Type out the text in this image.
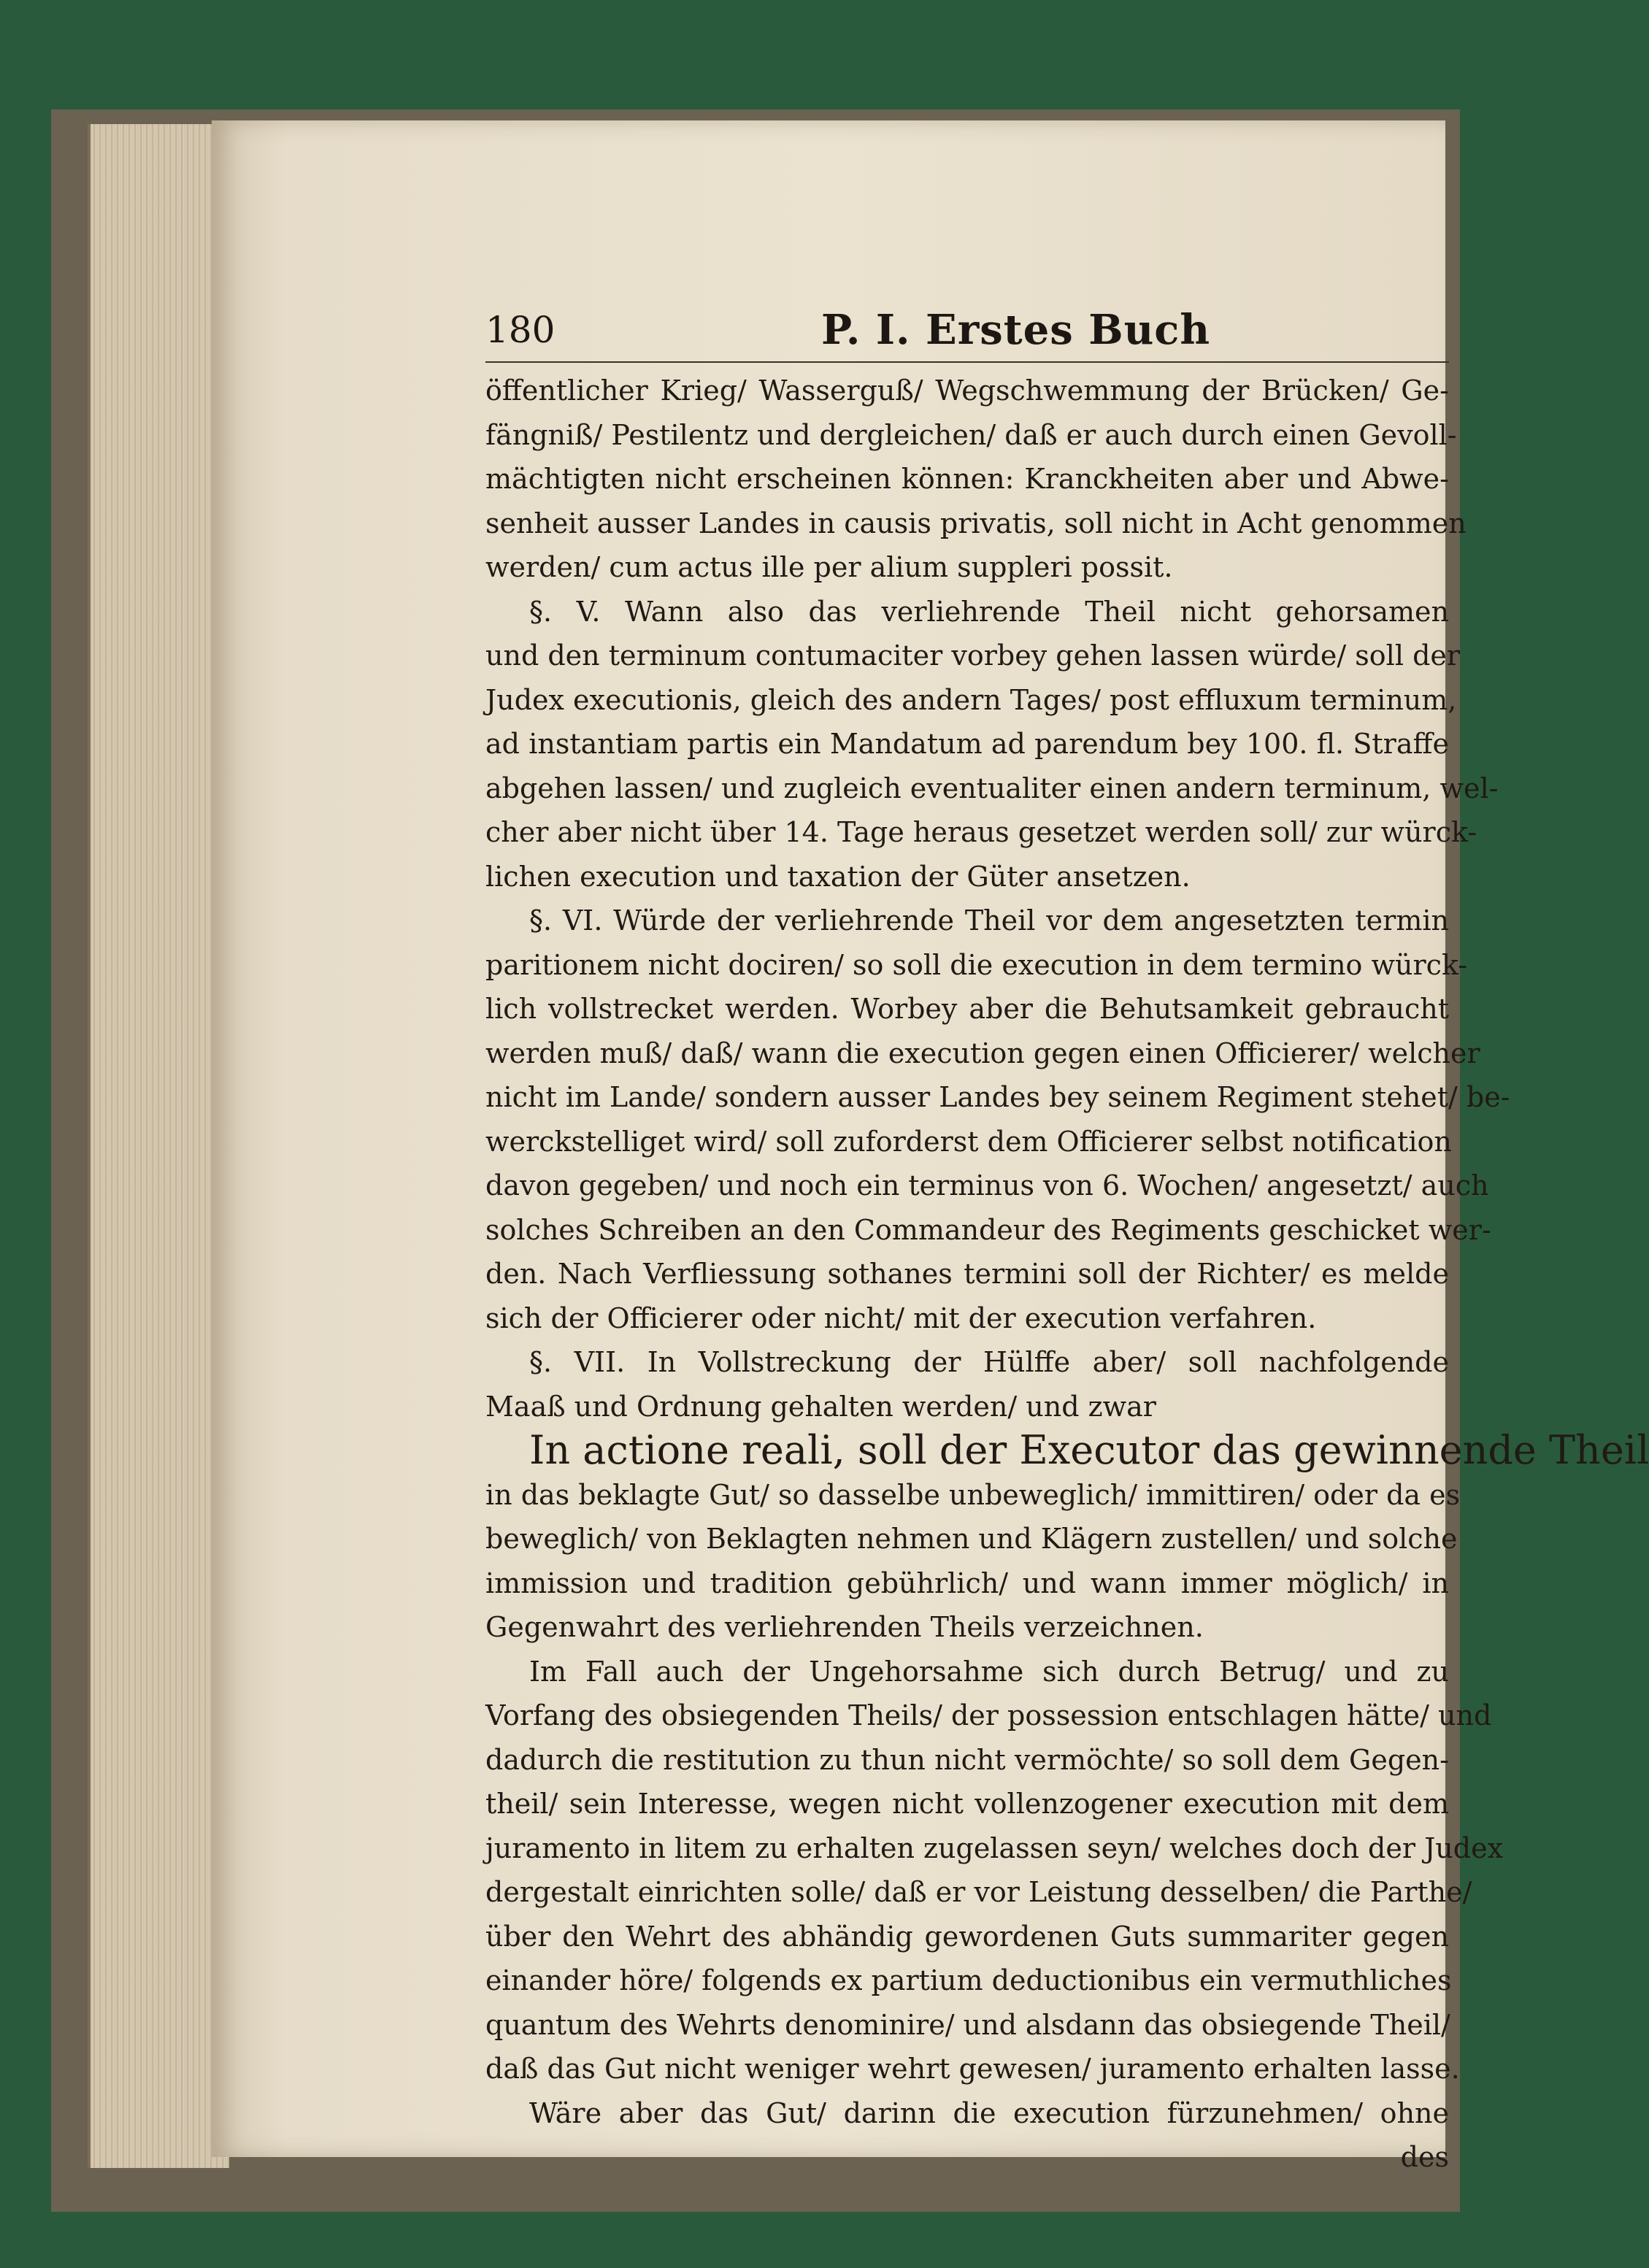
180	P. I. Erstes Buch
öffentlicher Krieg/ Wasserguß/ Wegschwemmung der Brücken/ Ge-
fängniß/ Pestilentz und dergleichen/ daß er auch durch einen Gevoll-
mächtigten nicht erscheinen können: Kranckheiten aber und Abwe-
senheit ausser Landes in causis privatis, soll nicht in Acht genommen
werden/ cum actus ille per alium suppleri possit.
§. V. Wann also das verliehrende Theil nicht gehorsamen
und den terminum contumaciter vorbey gehen lassen würde/ soll der
Judex executionis, gleich des andern Tages/ post effluxum terminum,
ad instantiam partis ein Mandatum ad parendum bey 100. fl. Straffe
abgehen lassen/ und zugleich eventualiter einen andern terminum, wel-
cher aber nicht über 14. Tage heraus gesetzet werden soll/ zur würck-
lichen execution und taxation der Güter ansetzen.
§. VI. Würde der verliehrende Theil vor dem angesetzten termin
paritionem nicht dociren/ so soll die execution in dem termino würck-
lich vollstrecket werden. Worbey aber die Behutsamkeit gebraucht
werden muß/ daß/ wann die execution gegen einen Officierer/ welcher
nicht im Lande/ sondern ausser Landes bey seinem Regiment stehet/ be-
werckstelliget wird/ soll zuforderst dem Officierer selbst notification
davon gegeben/ und noch ein terminus von 6. Wochen/ angesetzt/ auch
solches Schreiben an den Commandeur des Regiments geschicket wer-
den. Nach Verfliessung sothanes termini soll der Richter/ es melde
sich der Officierer oder nicht/ mit der execution verfahren.
§. VII. In Vollstreckung der Hülffe aber/ soll nachfolgende
Maaß und Ordnung gehalten werden/ und zwar
In actione reali, soll der Executor das gewinnende Theil
in das beklagte Gut/ so dasselbe unbeweglich/ immittiren/ oder da es
beweglich/ von Beklagten nehmen und Klägern zustellen/ und solche
immission und tradition gebührlich/ und wann immer möglich/ in
Gegenwahrt des verliehrenden Theils verzeichnen.
Im Fall auch der Ungehorsahme sich durch Betrug/ und zu
Vorfang des obsiegenden Theils/ der possession entschlagen hätte/ und
dadurch die restitution zu thun nicht vermöchte/ so soll dem Gegen-
theil/ sein Interesse, wegen nicht vollenzogener execution mit dem
juramento in litem zu erhalten zugelassen seyn/ welches doch der Judex
dergestalt einrichten solle/ daß er vor Leistung desselben/ die Parthe/
über den Wehrt des abhändig gewordenen Guts summariter gegen
einander höre/ folgends ex partium deductionibus ein vermuthliches
quantum des Wehrts denominire/ und alsdann das obsiegende Theil/
daß das Gut nicht weniger wehrt gewesen/ juramento erhalten lasse.
Wäre aber das Gut/ darinn die execution fürzunehmen/ ohne
des
